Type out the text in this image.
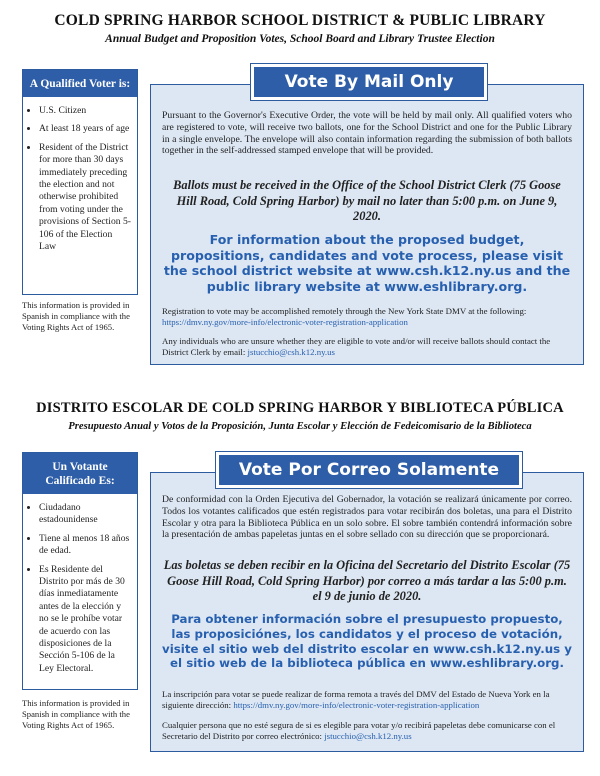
COLD SPRING HARBOR SCHOOL DISTRICT & PUBLIC LIBRARY
Annual Budget and Proposition Votes, School Board and Library Trustee Election
A Qualified Voter is:
• U.S. Citizen
• At least 18 years of age
• Resident of the District for more than 30 days immediately preceding the election and not otherwise prohibited from voting under the provisions of Section 5-106 of the Election Law
This information is provided in Spanish in compliance with the Voting Rights Act of 1965.
Vote By Mail Only
Pursuant to the Governor's Executive Order, the vote will be held by mail only. All qualified voters who are registered to vote, will receive two ballots, one for the School District and one for the Public Library in a single envelope. The envelope will also contain information regarding the submission of both ballots together in the self-addressed stamped envelope that will be provided.
Ballots must be received in the Office of the School District Clerk (75 Goose Hill Road, Cold Spring Harbor) by mail no later than 5:00 p.m. on June 9, 2020.
For information about the proposed budget, propositions, candidates and vote process, please visit the school district website at www.csh.k12.ny.us and the public library website at www.eshlibrary.org.
Registration to vote may be accomplished remotely through the New York State DMV at the following: https://dmv.ny.gov/more-info/electronic-voter-registration-application
Any individuals who are unsure whether they are eligible to vote and/or will receive ballots should contact the District Clerk by email: jstucchio@csh.k12.ny.us
DISTRITO ESCOLAR DE COLD SPRING HARBOR Y BIBLIOTECA PÚBLICA
Presupuesto Anual y Votos de la Proposición, Junta Escolar y Elección de Fedeicomisario de la Biblioteca
Un Votante Calificado Es:
• Ciudadano estadounidense
• Tiene al menos 18 años de edad.
• Es Residente del Distrito por más de 30 días inmediatamente antes de la elección y no se le prohíbe votar de acuerdo con las disposiciones de la Sección 5-106 de la Ley Electoral.
This information is provided in Spanish in compliance with the Voting Rights Act of 1965.
Vote Por Correo Solamente
De conformidad con la Orden Ejecutiva del Gobernador, la votación se realizará únicamente por correo. Todos los votantes calificados que estén registrados para votar recibirán dos boletas, una para el Distrito Escolar y otra para la Biblioteca Pública en un solo sobre. El sobre también contendrá información sobre la presentación de ambas papeletas juntas en el sobre sellado con su dirección que se proporcionará.
Las boletas se deben recibir en la Oficina del Secretario del Distrito Escolar (75 Goose Hill Road, Cold Spring Harbor) por correo a más tardar a las 5:00 p.m. el 9 de junio de 2020.
Para obtener información sobre el presupuesto propuesto, las proposiciónes, los candidatos y el proceso de votación, visite el sitio web del distrito escolar en www.csh.k12.ny.us y el sitio web de la biblioteca pública en www.eshlibrary.org.
La inscripción para votar se puede realizar de forma remota a través del DMV del Estado de Nueva York en la siguiente dirección: https://dmv.ny.gov/more-info/electronic-voter-registration-application
Cualquier persona que no esté segura de si es elegible para votar y/o recibirá papeletas debe comunicarse con el Secretario del Distrito por correo electrónico: jstucchio@csh.k12.ny.us
